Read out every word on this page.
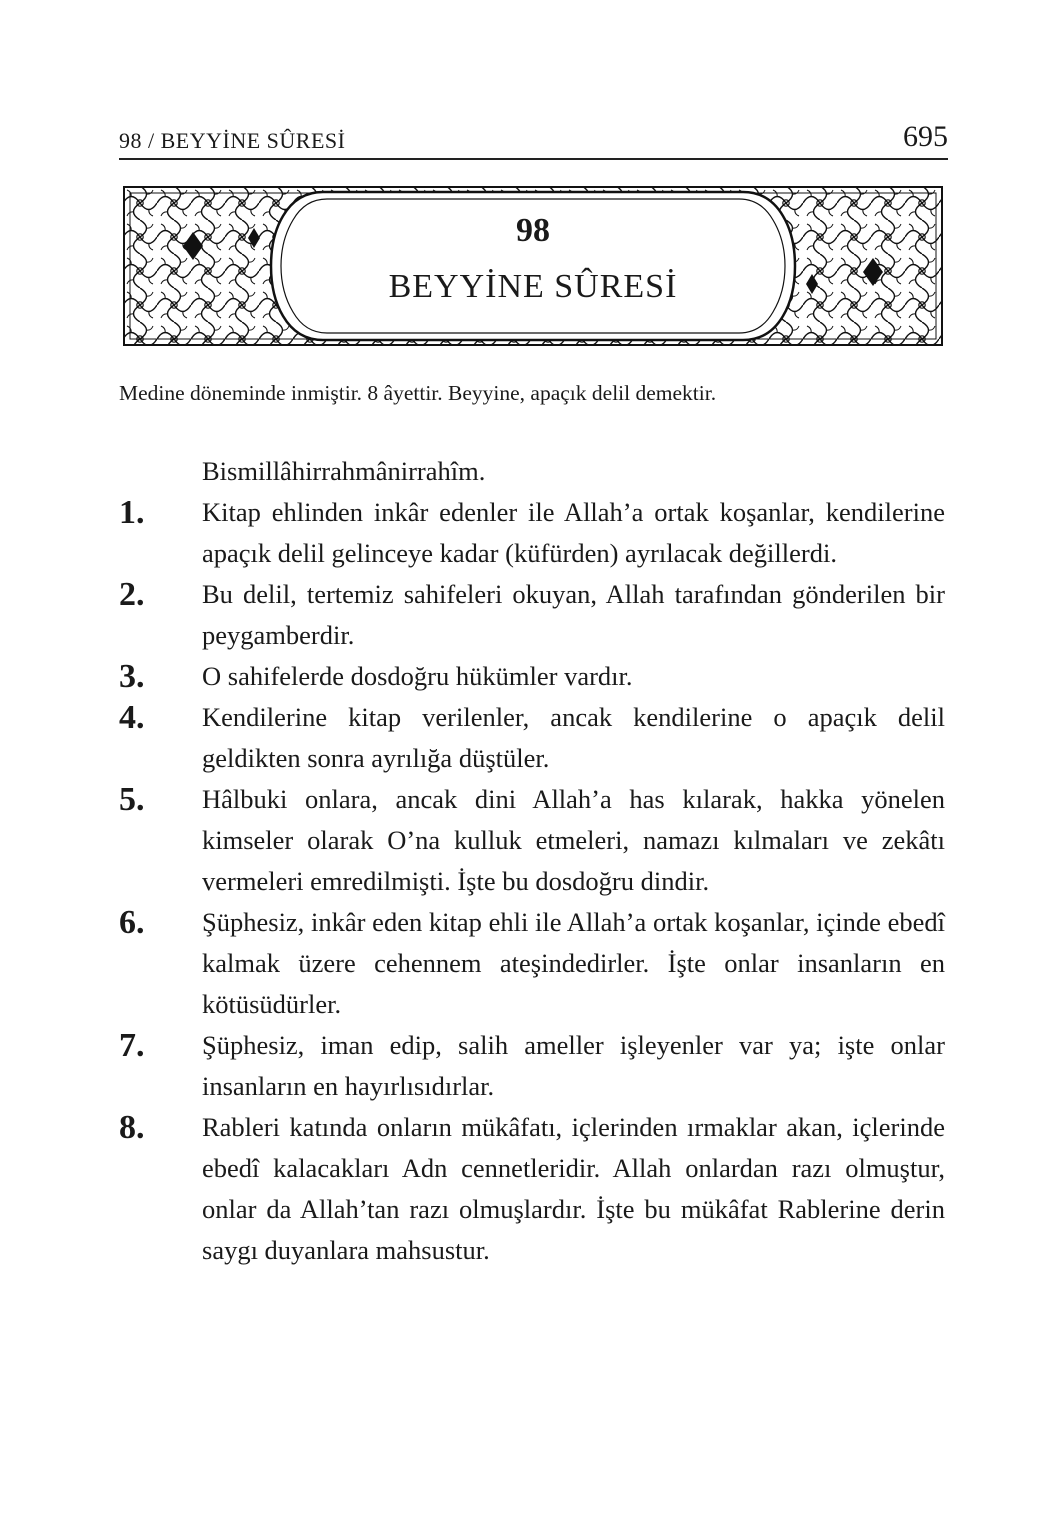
98 / BEYYİNE SÛRESİ	695
98
BEYYİNE SÛRESİ
Medine döneminde inmiştir. 8 âyettir. Beyyine, apaçık delil demektir.
Bismillâhirrahmânirrahîm.
1.	Kitap ehlinden inkâr edenler ile Allah’a ortak koşanlar, kendilerine apaçık delil gelinceye kadar (küfürden) ayrılacak değillerdi.
2.	Bu delil, tertemiz sahifeleri okuyan, Allah tarafından gönderilen bir peygamberdir.
3.	O sahifelerde dosdoğru hükümler vardır.
4.	Kendilerine kitap verilenler, ancak kendilerine o apaçık delil geldikten sonra ayrılığa düştüler.
5.	Hâlbuki onlara, ancak dini Allah’a has kılarak, hakka yönelen kimseler olarak O’na kulluk etmeleri, namazı kılmaları ve zekâtı vermeleri emredilmişti. İşte bu dosdoğru dindir.
6.	Şüphesiz, inkâr eden kitap ehli ile Allah’a ortak koşanlar, içinde ebedî kalmak üzere cehennem ateşindedirler. İşte onlar insanların en kötüsüdürler.
7.	Şüphesiz, iman edip, salih ameller işleyenler var ya; işte onlar insanların en hayırlısıdırlar.
8.	Rableri katında onların mükâfatı, içlerinden ırmaklar akan, içlerinde ebedî kalacakları Adn cennetleridir. Allah onlardan razı olmuştur, onlar da Allah’tan razı olmuşlardır. İşte bu mükâfat Rablerine derin saygı duyanlara mahsustur.
